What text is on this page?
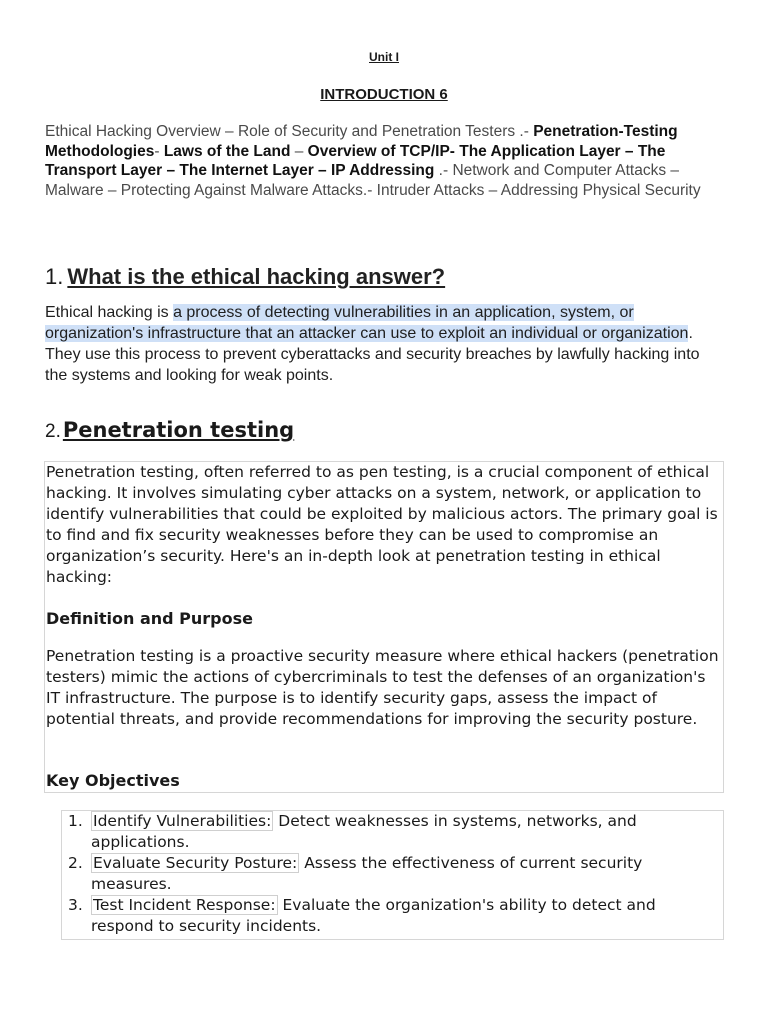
Unit I
INTRODUCTION 6
Ethical Hacking Overview – Role of Security and Penetration Testers .- Penetration-Testing Methodologies- Laws of the Land – Overview of TCP/IP- The Application Layer – The Transport Layer – The Internet Layer – IP Addressing .- Network and Computer Attacks – Malware – Protecting Against Malware Attacks.- Intruder Attacks – Addressing Physical Security
1. What is the ethical hacking answer?
Ethical hacking is a process of detecting vulnerabilities in an application, system, or organization's infrastructure that an attacker can use to exploit an individual or organization. They use this process to prevent cyberattacks and security breaches by lawfully hacking into the systems and looking for weak points.
2.Penetration testing

Penetration testing, often referred to as pen testing, is a crucial component of ethical hacking. It involves simulating cyber attacks on a system, network, or application to identify vulnerabilities that could be exploited by malicious actors. The primary goal is to find and fix security weaknesses before they can be used to compromise an organization’s security. Here's an in-depth look at penetration testing in ethical hacking:

Definition and Purpose

Penetration testing is a proactive security measure where ethical hackers (penetration testers) mimic the actions of cybercriminals to test the defenses of an organization's IT infrastructure. The purpose is to identify security gaps, assess the impact of potential threats, and provide recommendations for improving the security posture.

Key Objectives

1. Identify Vulnerabilities: Detect weaknesses in systems, networks, and applications.
2. Evaluate Security Posture: Assess the effectiveness of current security measures.
3. Test Incident Response: Evaluate the organization's ability to detect and respond to security incidents.
